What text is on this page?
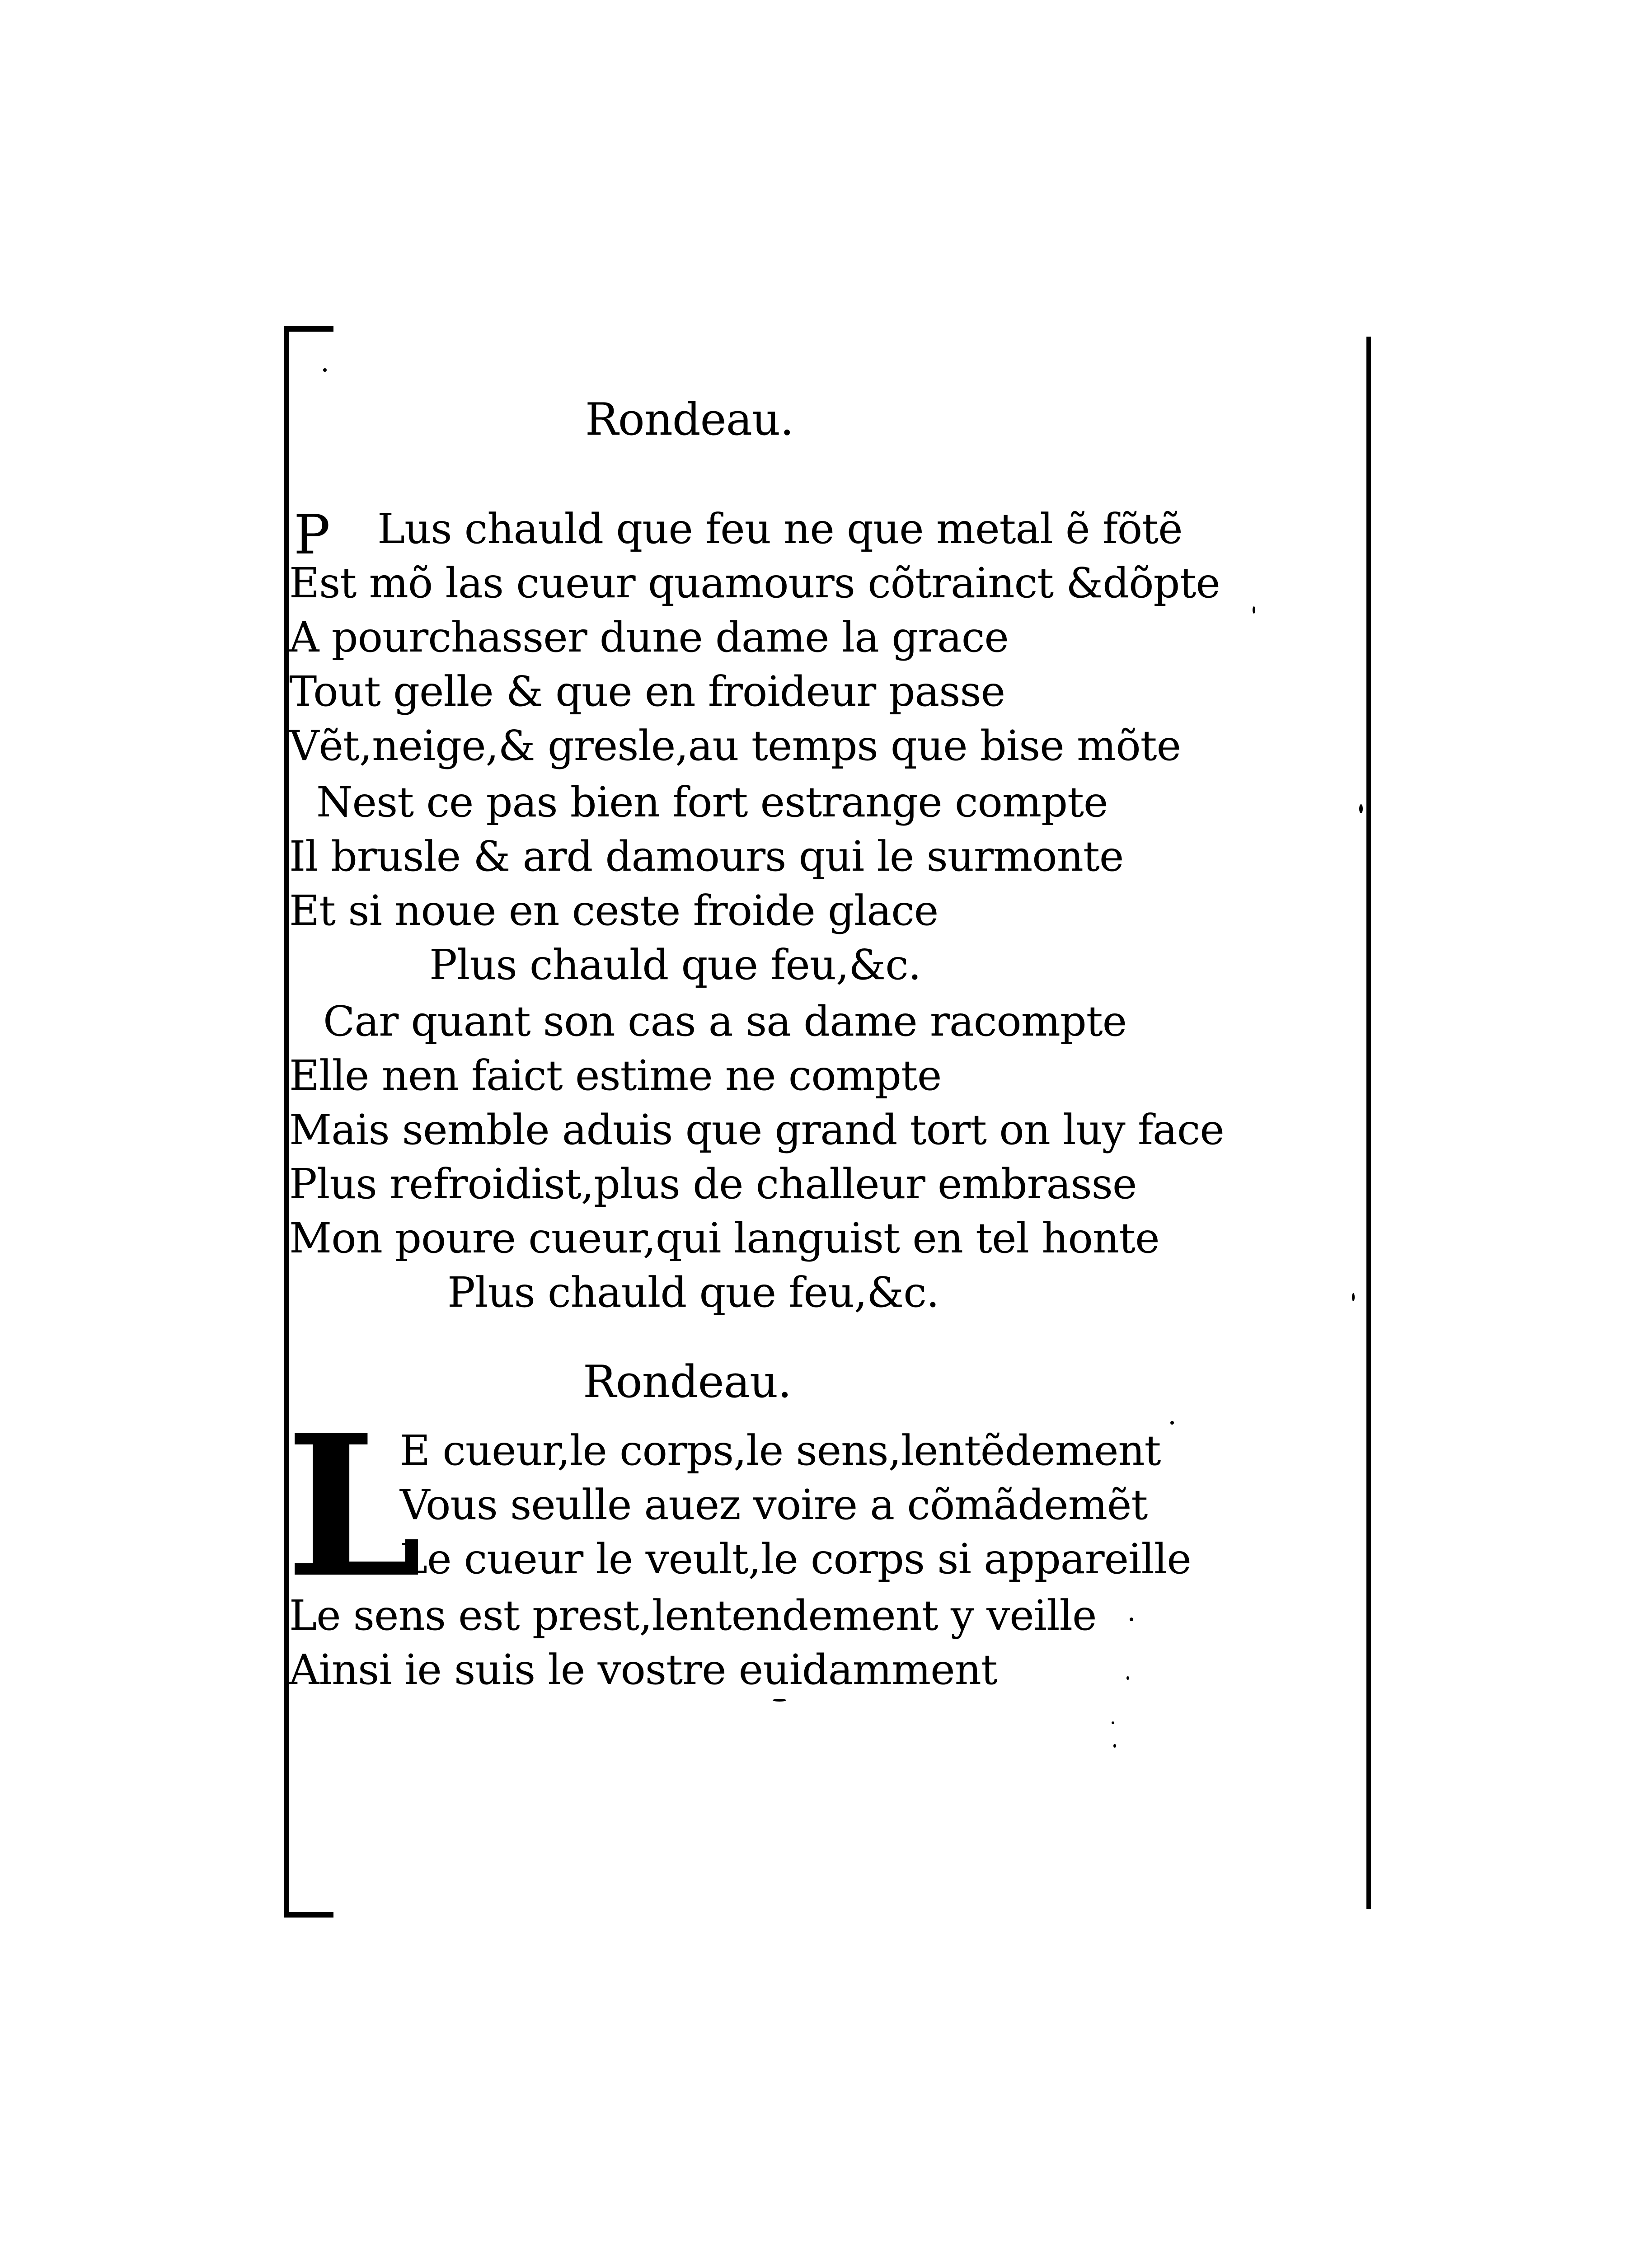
Rondeau.
P Lus chauld que feu ne que metal ẽ fõtẽ
Est mõ las cueur quamours cõtrainct &dõpte
A pourchasser dune dame la grace
Tout gelle & que en froideur passe
Vẽt,neige,& gresle,au temps que bise mõte
Nest ce pas bien fort estrange compte
Il brusle & ard damours qui le surmonte
Et si noue en ceste froide glace
Plus chauld que feu,&c.
Car quant son cas a sa dame racompte
Elle nen faict estime ne compte
Mais semble aduis que grand tort on luy face
Plus refroidist,plus de challeur embrasse
Mon poure cueur,qui languist en tel honte
Plus chauld que feu,&c.
Rondeau.
L
E cueur,le corps,le sens,lentẽdement
Vous seulle auez voire a cõmãdemẽt
Le cueur le veult,le corps si appareille
Le sens est prest,lentendement y veille
Ainsi ie suis le vostre euidamment
